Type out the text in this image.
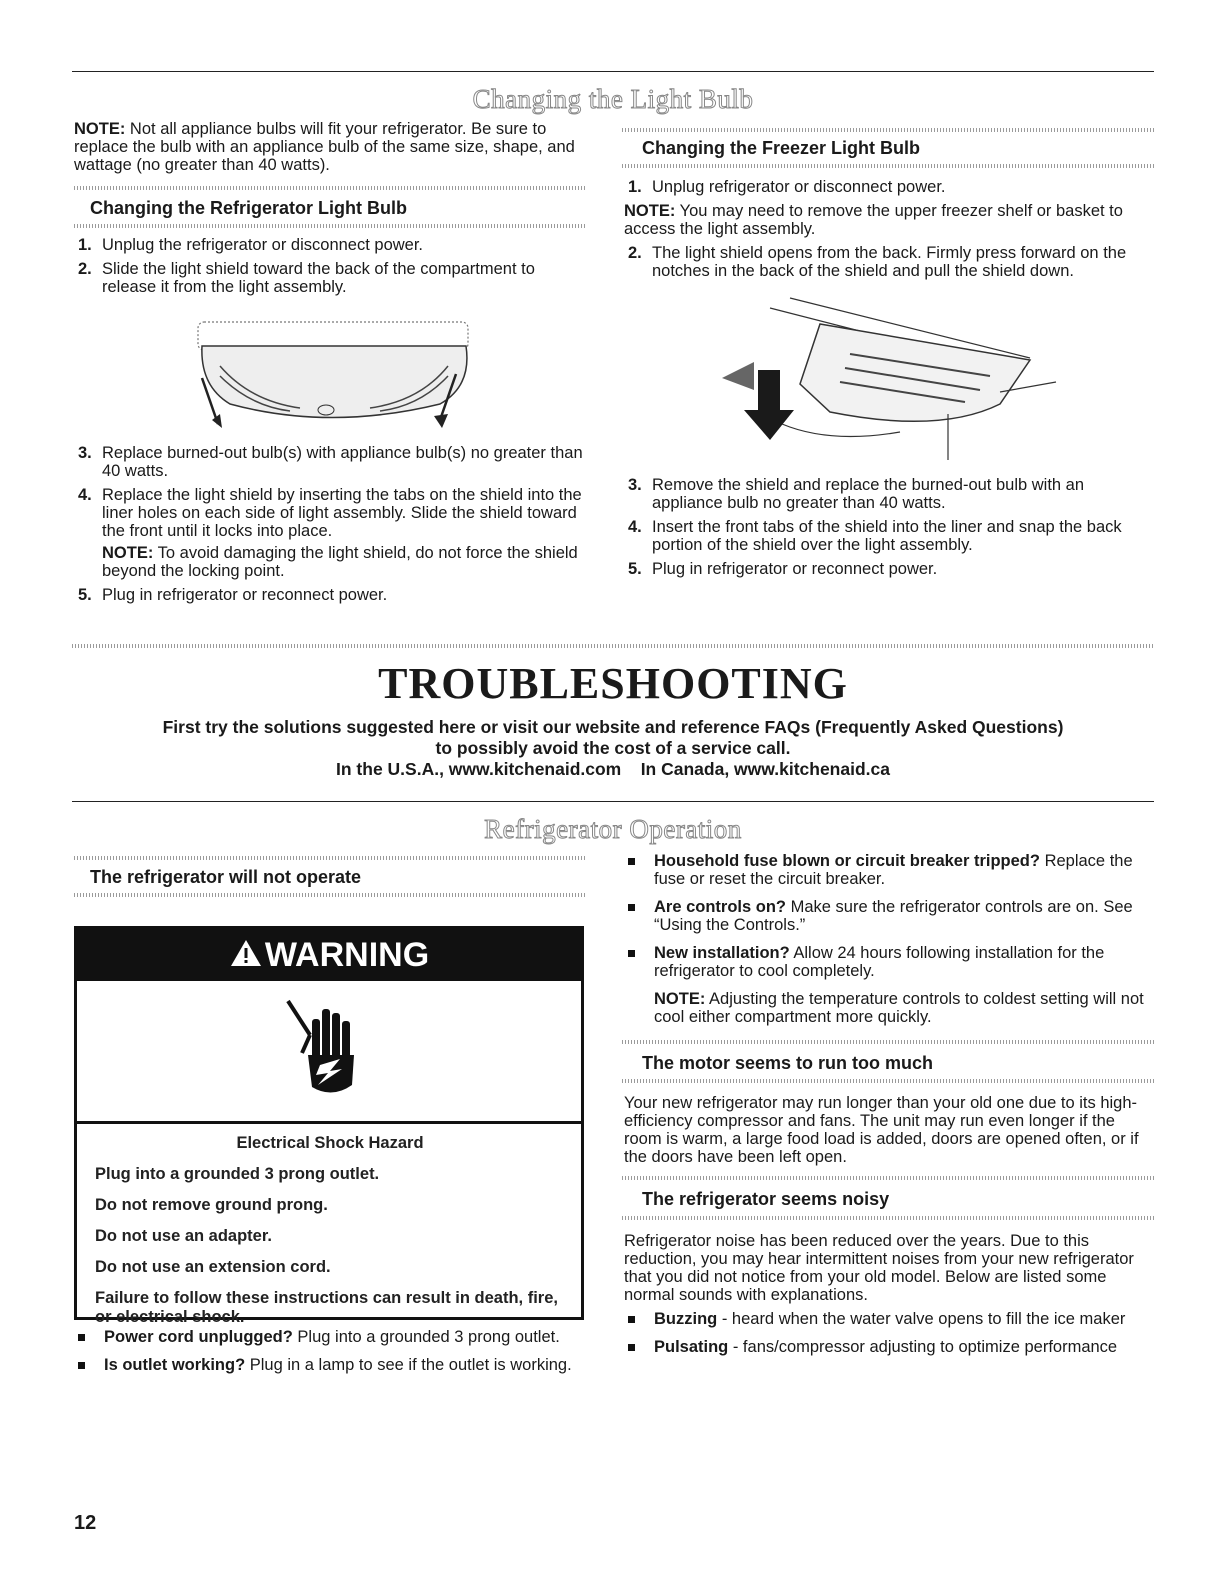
Changing the Light Bulb

NOTE: Not all appliance bulbs will fit your refrigerator. Be sure to replace the bulb with an appliance bulb of the same size, shape, and wattage (no greater than 40 watts).

Changing the Refrigerator Light Bulb
1. Unplug the refrigerator or disconnect power.
2. Slide the light shield toward the back of the compartment to release it from the light assembly.
3. Replace burned-out bulb(s) with appliance bulb(s) no greater than 40 watts.
4. Replace the light shield by inserting the tabs on the shield into the liner holes on each side of light assembly. Slide the shield toward the front until it locks into place.
NOTE: To avoid damaging the light shield, do not force the shield beyond the locking point.
5. Plug in refrigerator or reconnect power.
Changing the Freezer Light Bulb
1. Unplug refrigerator or disconnect power.

NOTE: You may need to remove the upper freezer shelf or basket to access the light assembly.

2. The light shield opens from the back. Firmly press forward on the notches in the back of the shield and pull the shield down.
3. Remove the shield and replace the burned-out bulb with an appliance bulb no greater than 40 watts.
4. Insert the front tabs of the shield into the liner and snap the back portion of the shield over the light assembly.
5. Plug in refrigerator or reconnect power.
TROUBLESHOOTING
First try the solutions suggested here or visit our website and reference FAQs (Frequently Asked Questions)
to possibly avoid the cost of a service call.
In the U.S.A., www.kitchenaid.com    In Canada, www.kitchenaid.ca
Refrigerator Operation
The refrigerator will not operate
WARNING

Electrical Shock Hazard

Plug into a grounded 3 prong outlet.

Do not remove ground prong.

Do not use an adapter.

Do not use an extension cord.

Failure to follow these instructions can result in death, fire, or electrical shock.

Power cord unplugged? Plug into a grounded 3 prong outlet.
Is outlet working? Plug in a lamp to see if the outlet is working.
Household fuse blown or circuit breaker tripped? Replace the fuse or reset the circuit breaker.
Are controls on? Make sure the refrigerator controls are on. See “Using the Controls.”
New installation? Allow 24 hours following installation for the refrigerator to cool completely.
NOTE: Adjusting the temperature controls to coldest setting will not cool either compartment more quickly.
The motor seems to run too much

Your new refrigerator may run longer than your old one due to its high-efficiency compressor and fans. The unit may run even longer if the room is warm, a large food load is added, doors are opened often, or if the doors have been left open.

The refrigerator seems noisy

Refrigerator noise has been reduced over the years. Due to this reduction, you may hear intermittent noises from your new refrigerator that you did not notice from your old model. Below are listed some normal sounds with explanations.

Buzzing - heard when the water valve opens to fill the ice maker
Pulsating - fans/compressor adjusting to optimize performance
12
